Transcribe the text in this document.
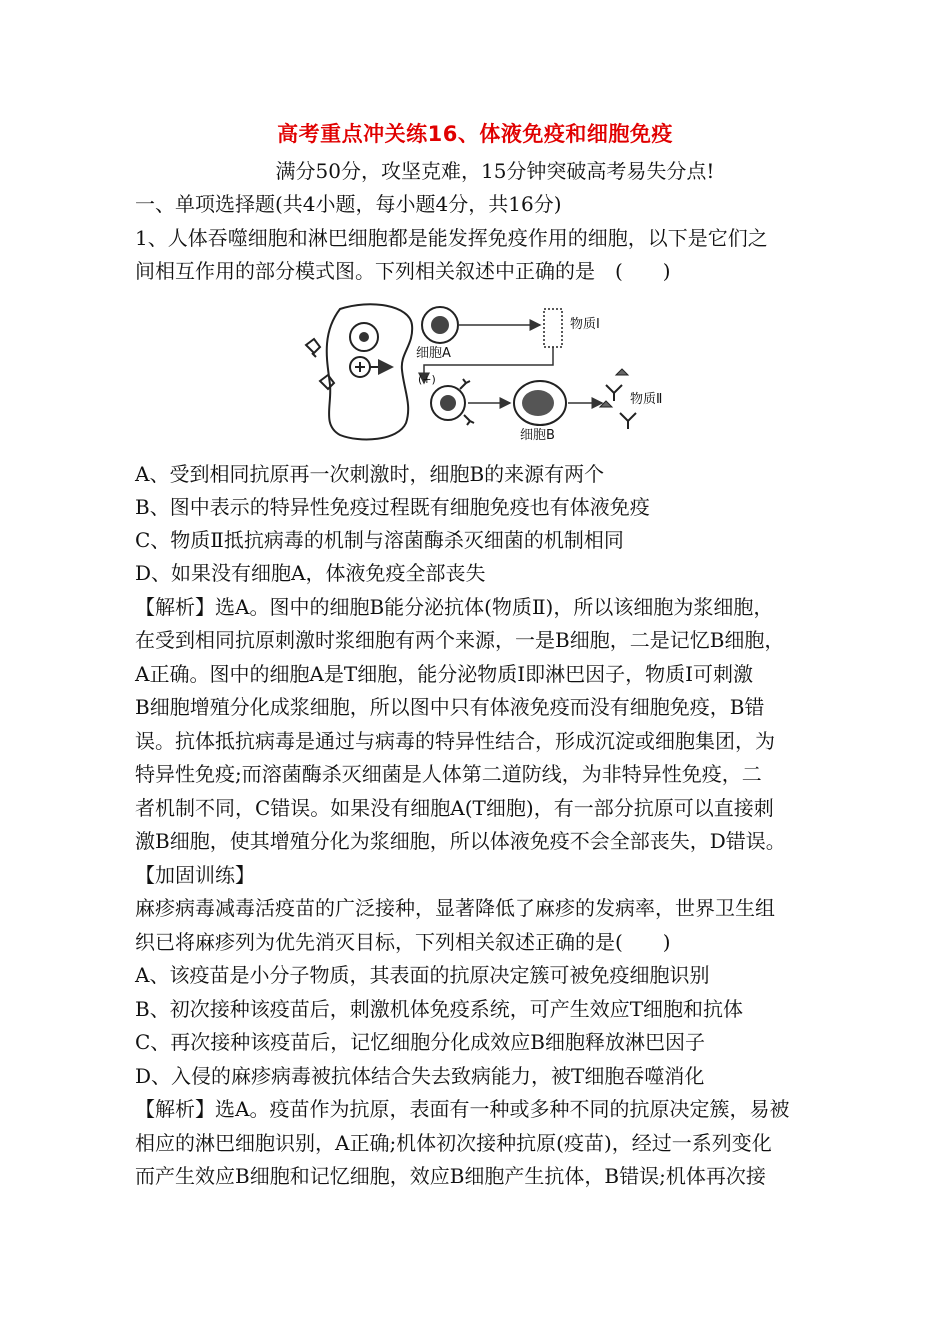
高考重点冲关练16、体液免疫和细胞免疫
满分50分，攻坚克难，15分钟突破高考易失分点!
一、单项选择题(共4小题，每小题4分，共16分)
1、人体吞噬细胞和淋巴细胞都是能发挥免疫作用的细胞，以下是它们之
间相互作用的部分模式图。下列相关叙述中正确的是　(　　)
物质Ⅰ
细胞A
(+)
细胞B
物质Ⅱ
A、受到相同抗原再一次刺激时，细胞B的来源有两个
B、图中表示的特异性免疫过程既有细胞免疫也有体液免疫
C、物质Ⅱ抵抗病毒的机制与溶菌酶杀灭细菌的机制相同
D、如果没有细胞A，体液免疫全部丧失
【解析】选A。图中的细胞B能分泌抗体(物质Ⅱ)，所以该细胞为浆细胞，
在受到相同抗原刺激时浆细胞有两个来源，一是B细胞，二是记忆B细胞，
A正确。图中的细胞A是T细胞，能分泌物质Ⅰ即淋巴因子，物质Ⅰ可刺激
B细胞增殖分化成浆细胞，所以图中只有体液免疫而没有细胞免疫，B错
误。抗体抵抗病毒是通过与病毒的特异性结合，形成沉淀或细胞集团，为
特异性免疫;而溶菌酶杀灭细菌是人体第二道防线，为非特异性免疫，二
者机制不同，C错误。如果没有细胞A(T细胞)，有一部分抗原可以直接刺
激B细胞，使其增殖分化为浆细胞，所以体液免疫不会全部丧失，D错误。
【加固训练】
麻疹病毒减毒活疫苗的广泛接种，显著降低了麻疹的发病率，世界卫生组
织已将麻疹列为优先消灭目标，下列相关叙述正确的是(　　)
A、该疫苗是小分子物质，其表面的抗原决定簇可被免疫细胞识别
B、初次接种该疫苗后，刺激机体免疫系统，可产生效应T细胞和抗体
C、再次接种该疫苗后，记忆细胞分化成效应B细胞释放淋巴因子
D、入侵的麻疹病毒被抗体结合失去致病能力，被T细胞吞噬消化
【解析】选A。疫苗作为抗原，表面有一种或多种不同的抗原决定簇，易被
相应的淋巴细胞识别，A正确;机体初次接种抗原(疫苗)，经过一系列变化
而产生效应B细胞和记忆细胞，效应B细胞产生抗体，B错误;机体再次接
